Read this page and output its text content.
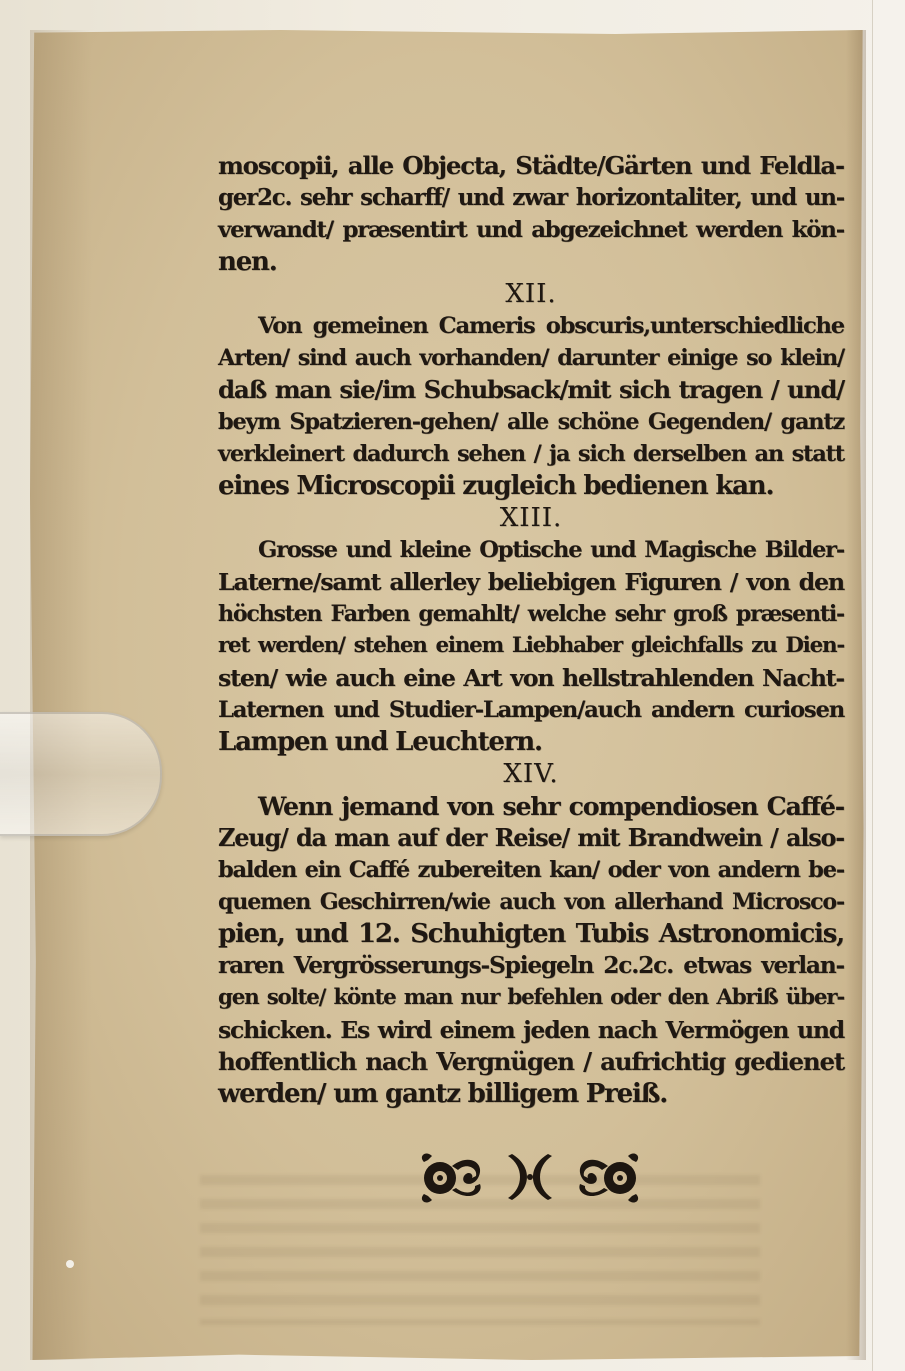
moscopii, alle Objecta, Städte/Gärten und Feldla-
ger2c. sehr scharff/ und zwar horizontaliter, und un-
verwandt/ præsentirt und abgezeichnet werden kön-
nen.
XII.
Von gemeinen Cameris obscuris,unterschiedliche
Arten/ sind auch vorhanden/ darunter einige so klein/
daß man sie/im Schubsack/mit sich tragen / und/
beym Spatzieren-gehen/ alle schöne Gegenden/ gantz
verkleinert dadurch sehen / ja sich derselben an statt
eines Microscopii zugleich bedienen kan.
XIII.
Grosse und kleine Optische und Magische Bilder-
Laterne/samt allerley beliebigen Figuren / von den
höchsten Farben gemahlt/ welche sehr groß præsenti-
ret werden/ stehen einem Liebhaber gleichfalls zu Dien-
sten/ wie auch eine Art von hellstrahlenden Nacht-
Laternen und Studier-Lampen/auch andern curiosen
Lampen und Leuchtern.
XIV.
Wenn jemand von sehr compendiosen Caffé-
Zeug/ da man auf der Reise/ mit Brandwein / also-
balden ein Caffé zubereiten kan/ oder von andern be-
quemen Geschirren/wie auch von allerhand Microsco-
pien, und 12. Schuhigten Tubis Astronomicis,
raren Vergrösserungs-Spiegeln 2c.2c. etwas verlan-
gen solte/ könte man nur befehlen oder den Abriß über-
schicken. Es wird einem jeden nach Vermögen und
hoffentlich nach Vergnügen / aufrichtig gedienet
werden/ um gantz billigem Preiß.
